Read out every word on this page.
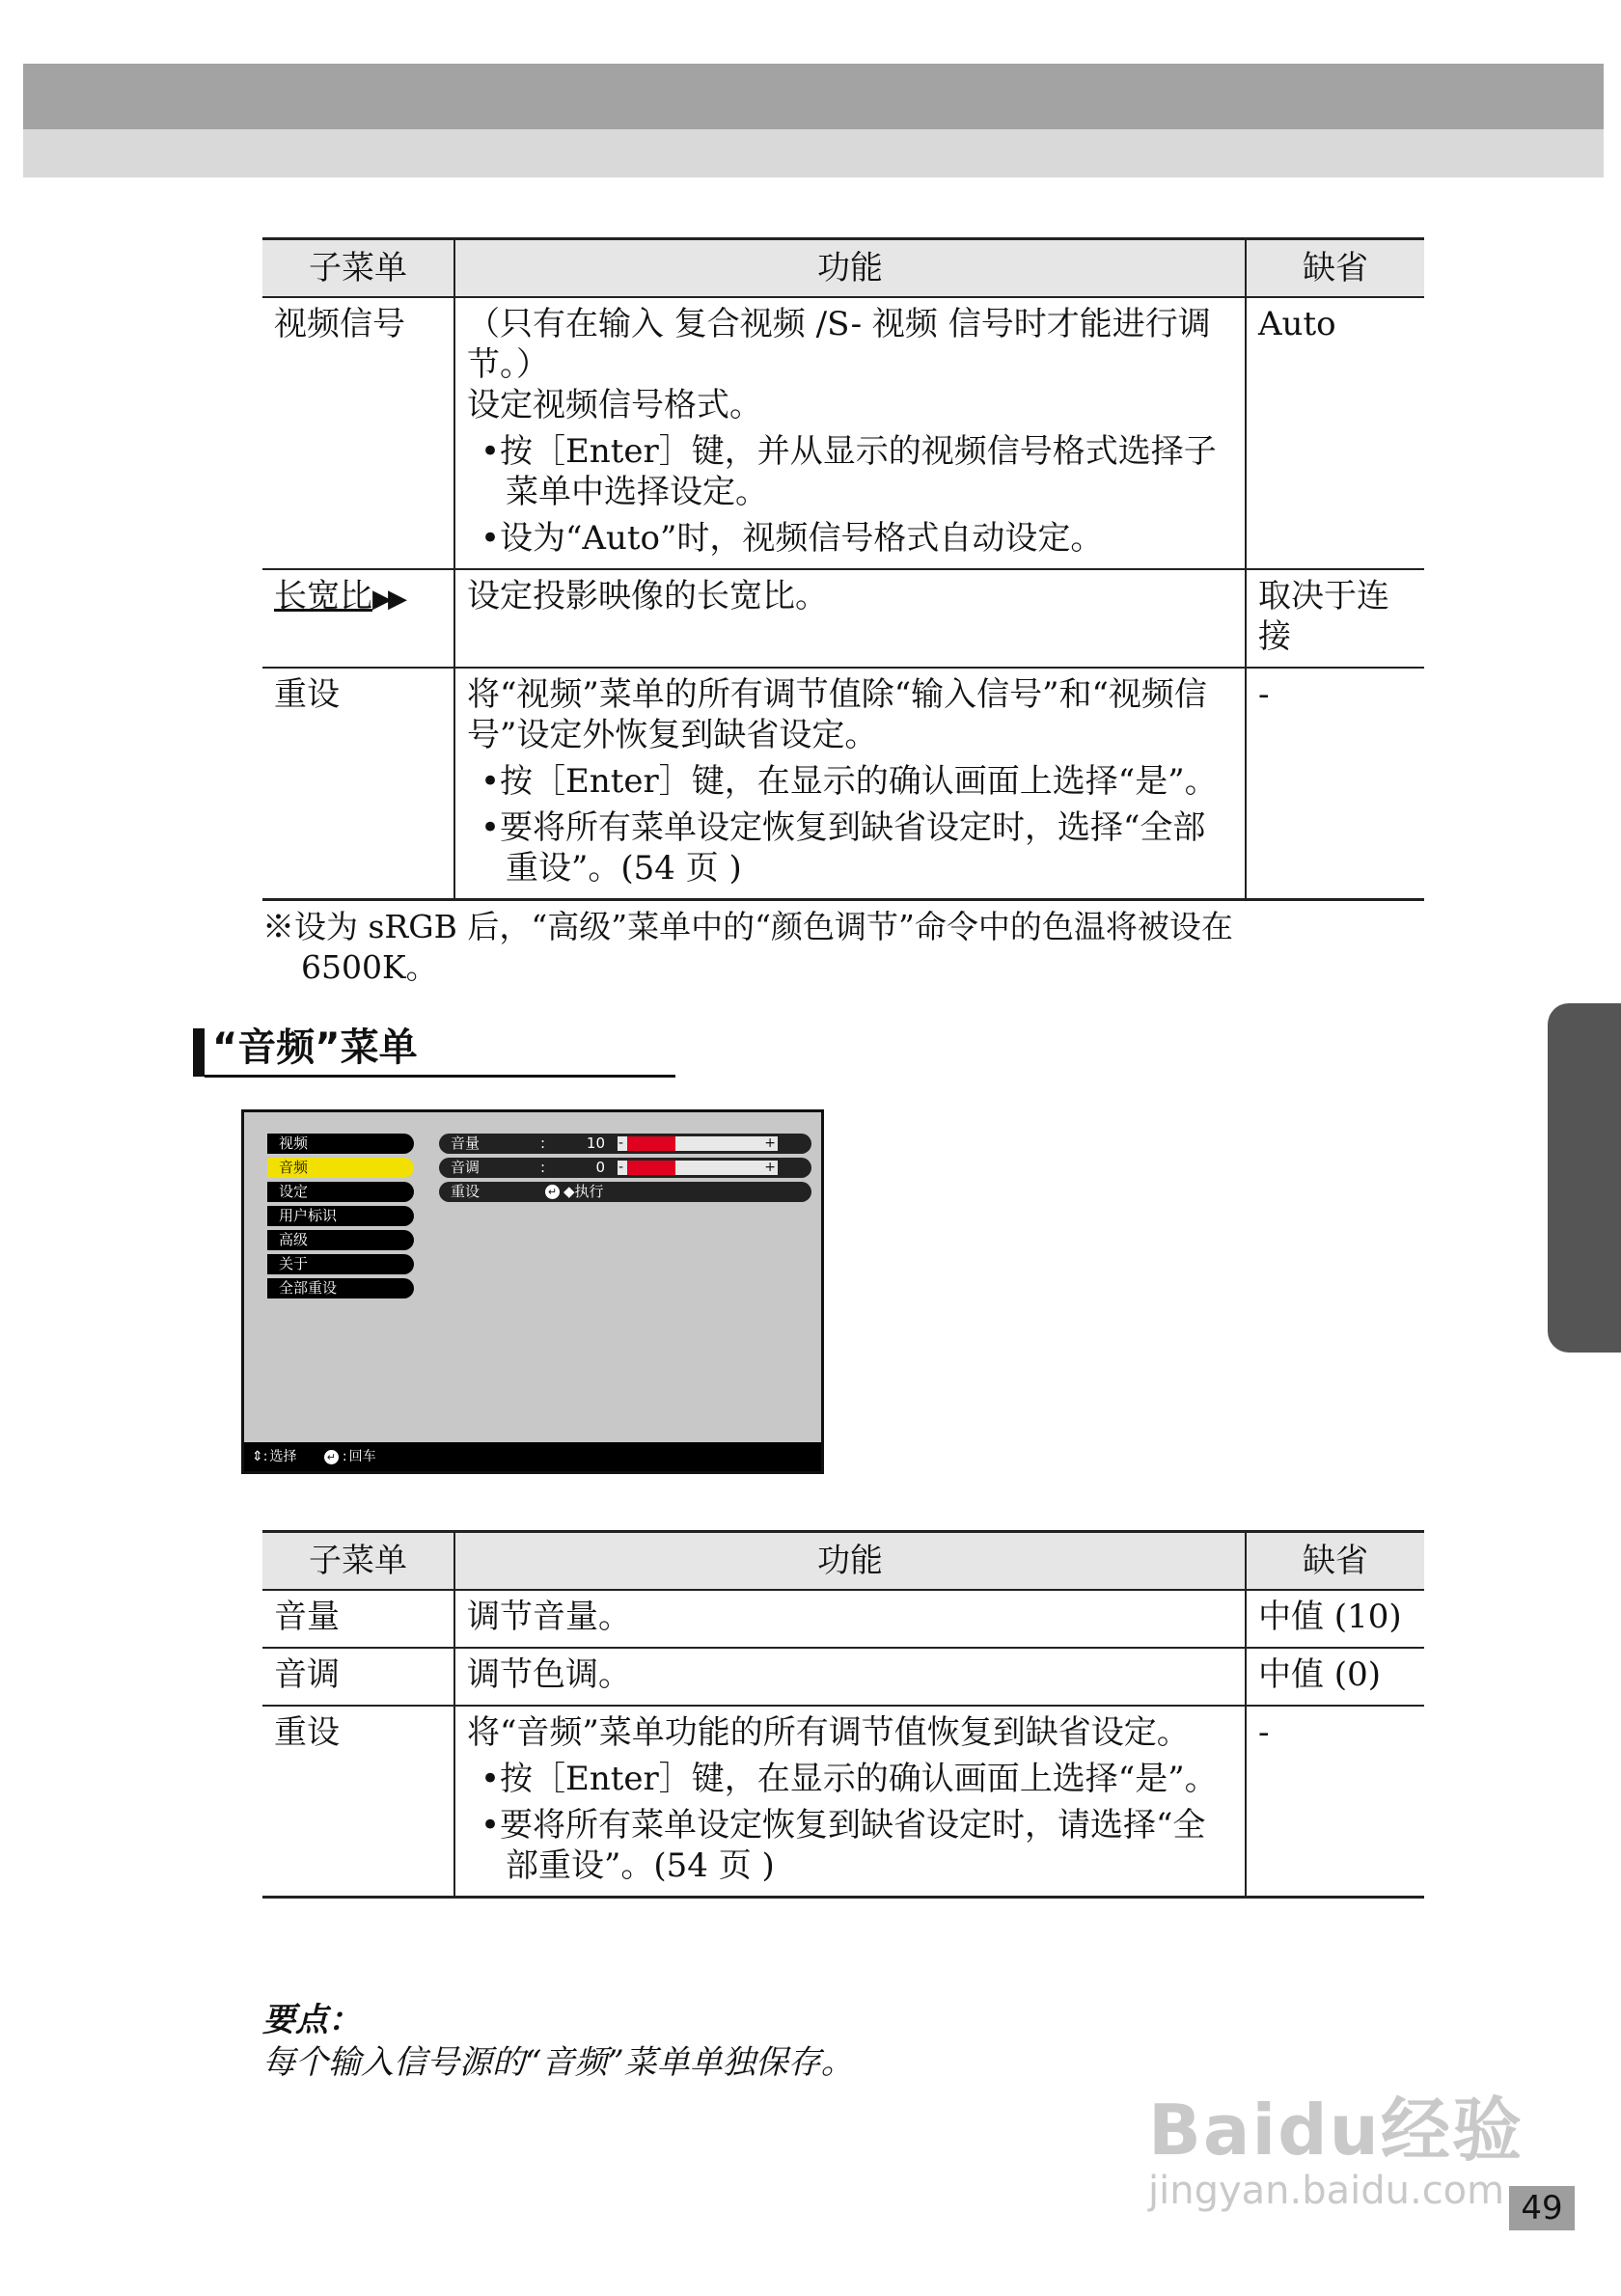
子菜单	功能	缺省
视频信号	（只有在输入 复合视频 /S- 视频 信号时才能进行调节。）
设定视频信号格式。
•按［Enter］键，并从显示的视频信号格式选择子菜单中选择设定。
•设为“Auto”时，视频信号格式自动设定。	Auto
长宽比▶▶	设定投影映像的长宽比。	取决于连接
重设	将“视频”菜单的所有调节值除“输入信号”和“视频信号”设定外恢复到缺省设定。
•按［Enter］键，在显示的确认画面上选择“是”。
•要将所有菜单设定恢复到缺省设定时，选择“全部重设”。(54 页 )	-
※设为 sRGB 后，“高级”菜单中的“颜色调节”命令中的色温将被设在
6500K。
“音频”菜单
视频
音频
设定
用户标识
高级
关于
全部重设
音量	:	10 -	+
音调	:	0 -	+
重设	↵ ◆执行
⇕: 选择	↵ : 回车
子菜单	功能	缺省
音量	调节音量。	中值 (10)
音调	调节色调。	中值 (0)
重设	将“音频”菜单功能的所有调节值恢复到缺省设定。
•按［Enter］键，在显示的确认画面上选择“是”。
•要将所有菜单设定恢复到缺省设定时，请选择“全部重设”。(54 页 )	-
要点：
每个输入信号源的“音频”菜单单独保存。
Baidu经验
jingyan.baidu.com 49
